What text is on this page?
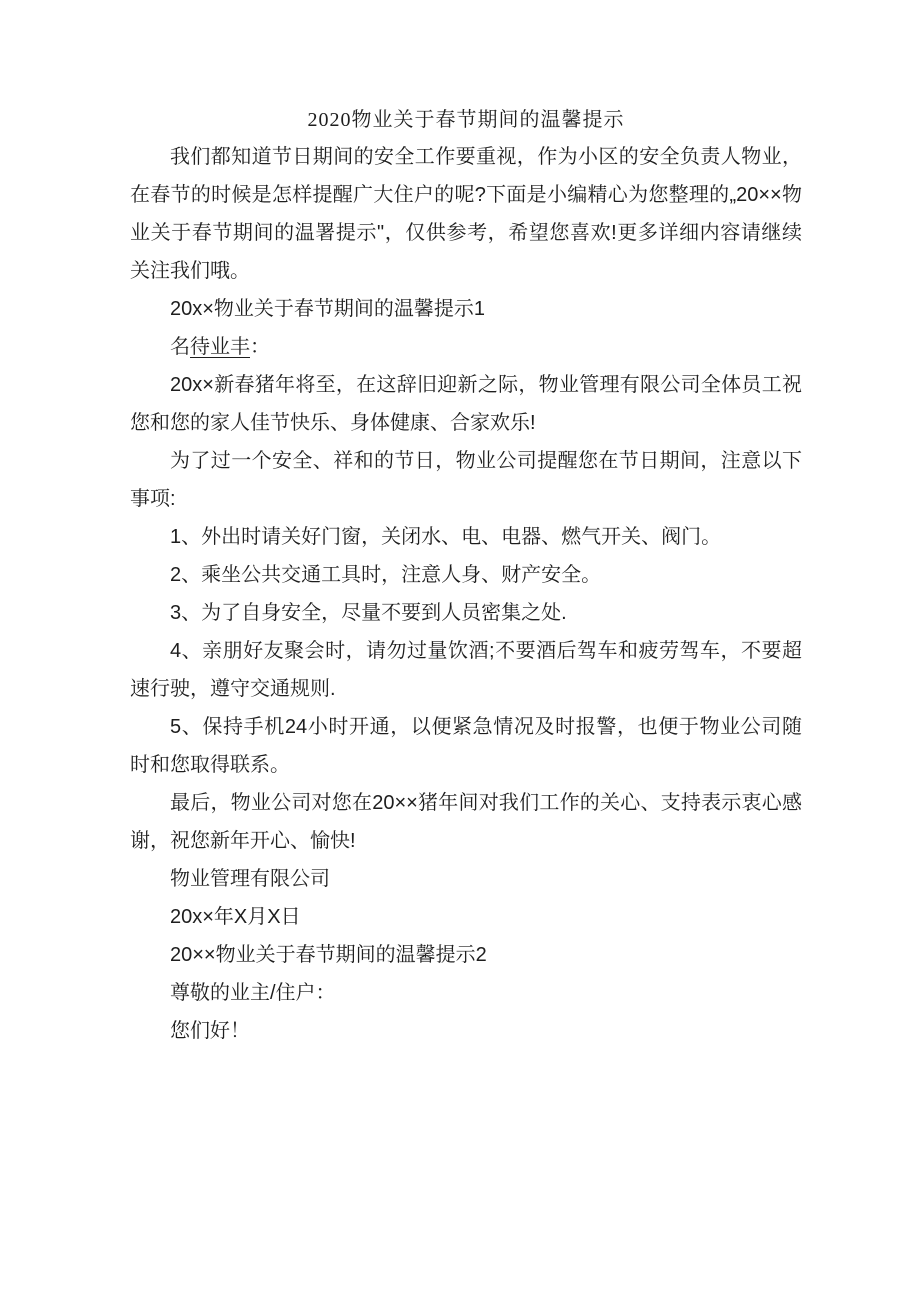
2020物业关于春节期间的温馨提示

我们都知道节日期间的安全工作要重视，作为小区的安全负责人物业，在春节的时候是怎样提醒广大住户的呢?下面是小编精心为您整理的„20××物业关于春节期间的温署提示"，仅供参考，希望您喜欢!更多详细内容请继续关注我们哦。

20x×物业关于春节期间的温馨提示1

名待业丰：

20x×新春猪年将至，在这辞旧迎新之际，物业管理有限公司全体员工祝您和您的家人佳节快乐、身体健康、合家欢乐!

为了过一个安全、祥和的节日，物业公司提醒您在节日期间，注意以下事项:

1、外出时请关好门窗，关闭水、电、电器、燃气开关、阀门。

2、乘坐公共交通工具时，注意人身、财产安全。

3、为了自身安全，尽量不要到人员密集之处.

4、亲朋好友聚会时，请勿过量饮酒;不要酒后驾车和疲劳驾车，不要超速行驶，遵守交通规则.

5、保持手机24小时开通，以便紧急情况及时报警，也便于物业公司随时和您取得联系。

最后，物业公司对您在20××猪年间对我们工作的关心、支持表示衷心感谢，祝您新年开心、愉快!

物业管理有限公司

20x×年X月X日

20××物业关于春节期间的温馨提示2

尊敬的业主/住户：

您们好！
